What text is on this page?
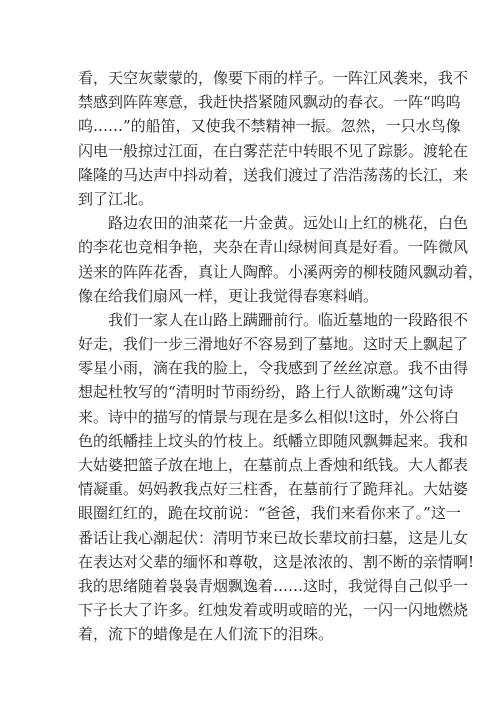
看，天空灰蒙蒙的，像要下雨的样子。一阵江风袭来，我不
禁感到阵阵寒意，我赶快搭紧随风飘动的春衣。一阵“呜呜
呜……”的船笛，又使我不禁精神一振。忽然，一只水鸟像
闪电一般掠过江面，在白雾茫茫中转眼不见了踪影。渡轮在
隆隆的马达声中抖动着，送我们渡过了浩浩荡荡的长江，来
到了江北。
　　路边农田的油菜花一片金黄。远处山上红的桃花，白色
的李花也竞相争艳，夹杂在青山绿树间真是好看。一阵微风
送来的阵阵花香，真让人陶醉。小溪两旁的柳枝随风飘动着，
像在给我们扇风一样，更让我觉得春寒料峭。
　　我们一家人在山路上蹒跚前行。临近墓地的一段路很不
好走，我们一步三滑地好不容易到了墓地。这时天上飘起了
零星小雨，滴在我的脸上，令我感到了丝丝凉意。我不由得
想起杜牧写的“清明时节雨纷纷，路上行人欲断魂”这句诗
来。诗中的描写的情景与现在是多么相似!这时，外公将白
色的纸幡挂上坟头的竹枝上。纸幡立即随风飘舞起来。我和
大姑婆把篮子放在地上，在墓前点上香烛和纸钱。大人都表
情凝重。妈妈教我点好三柱香，在墓前行了跪拜礼。大姑婆
眼圈红红的，跪在坟前说：“爸爸，我们来看你来了。”这一
番话让我心潮起伏：清明节来已故长辈坟前扫墓，这是儿女
在表达对父辈的缅怀和尊敬，这是浓浓的、割不断的亲情啊!
我的思绪随着袅袅青烟飘逸着……这时，我觉得自己似乎一
下子长大了许多。红烛发着或明或暗的光，一闪一闪地燃烧
着，流下的蜡像是在人们流下的泪珠。
